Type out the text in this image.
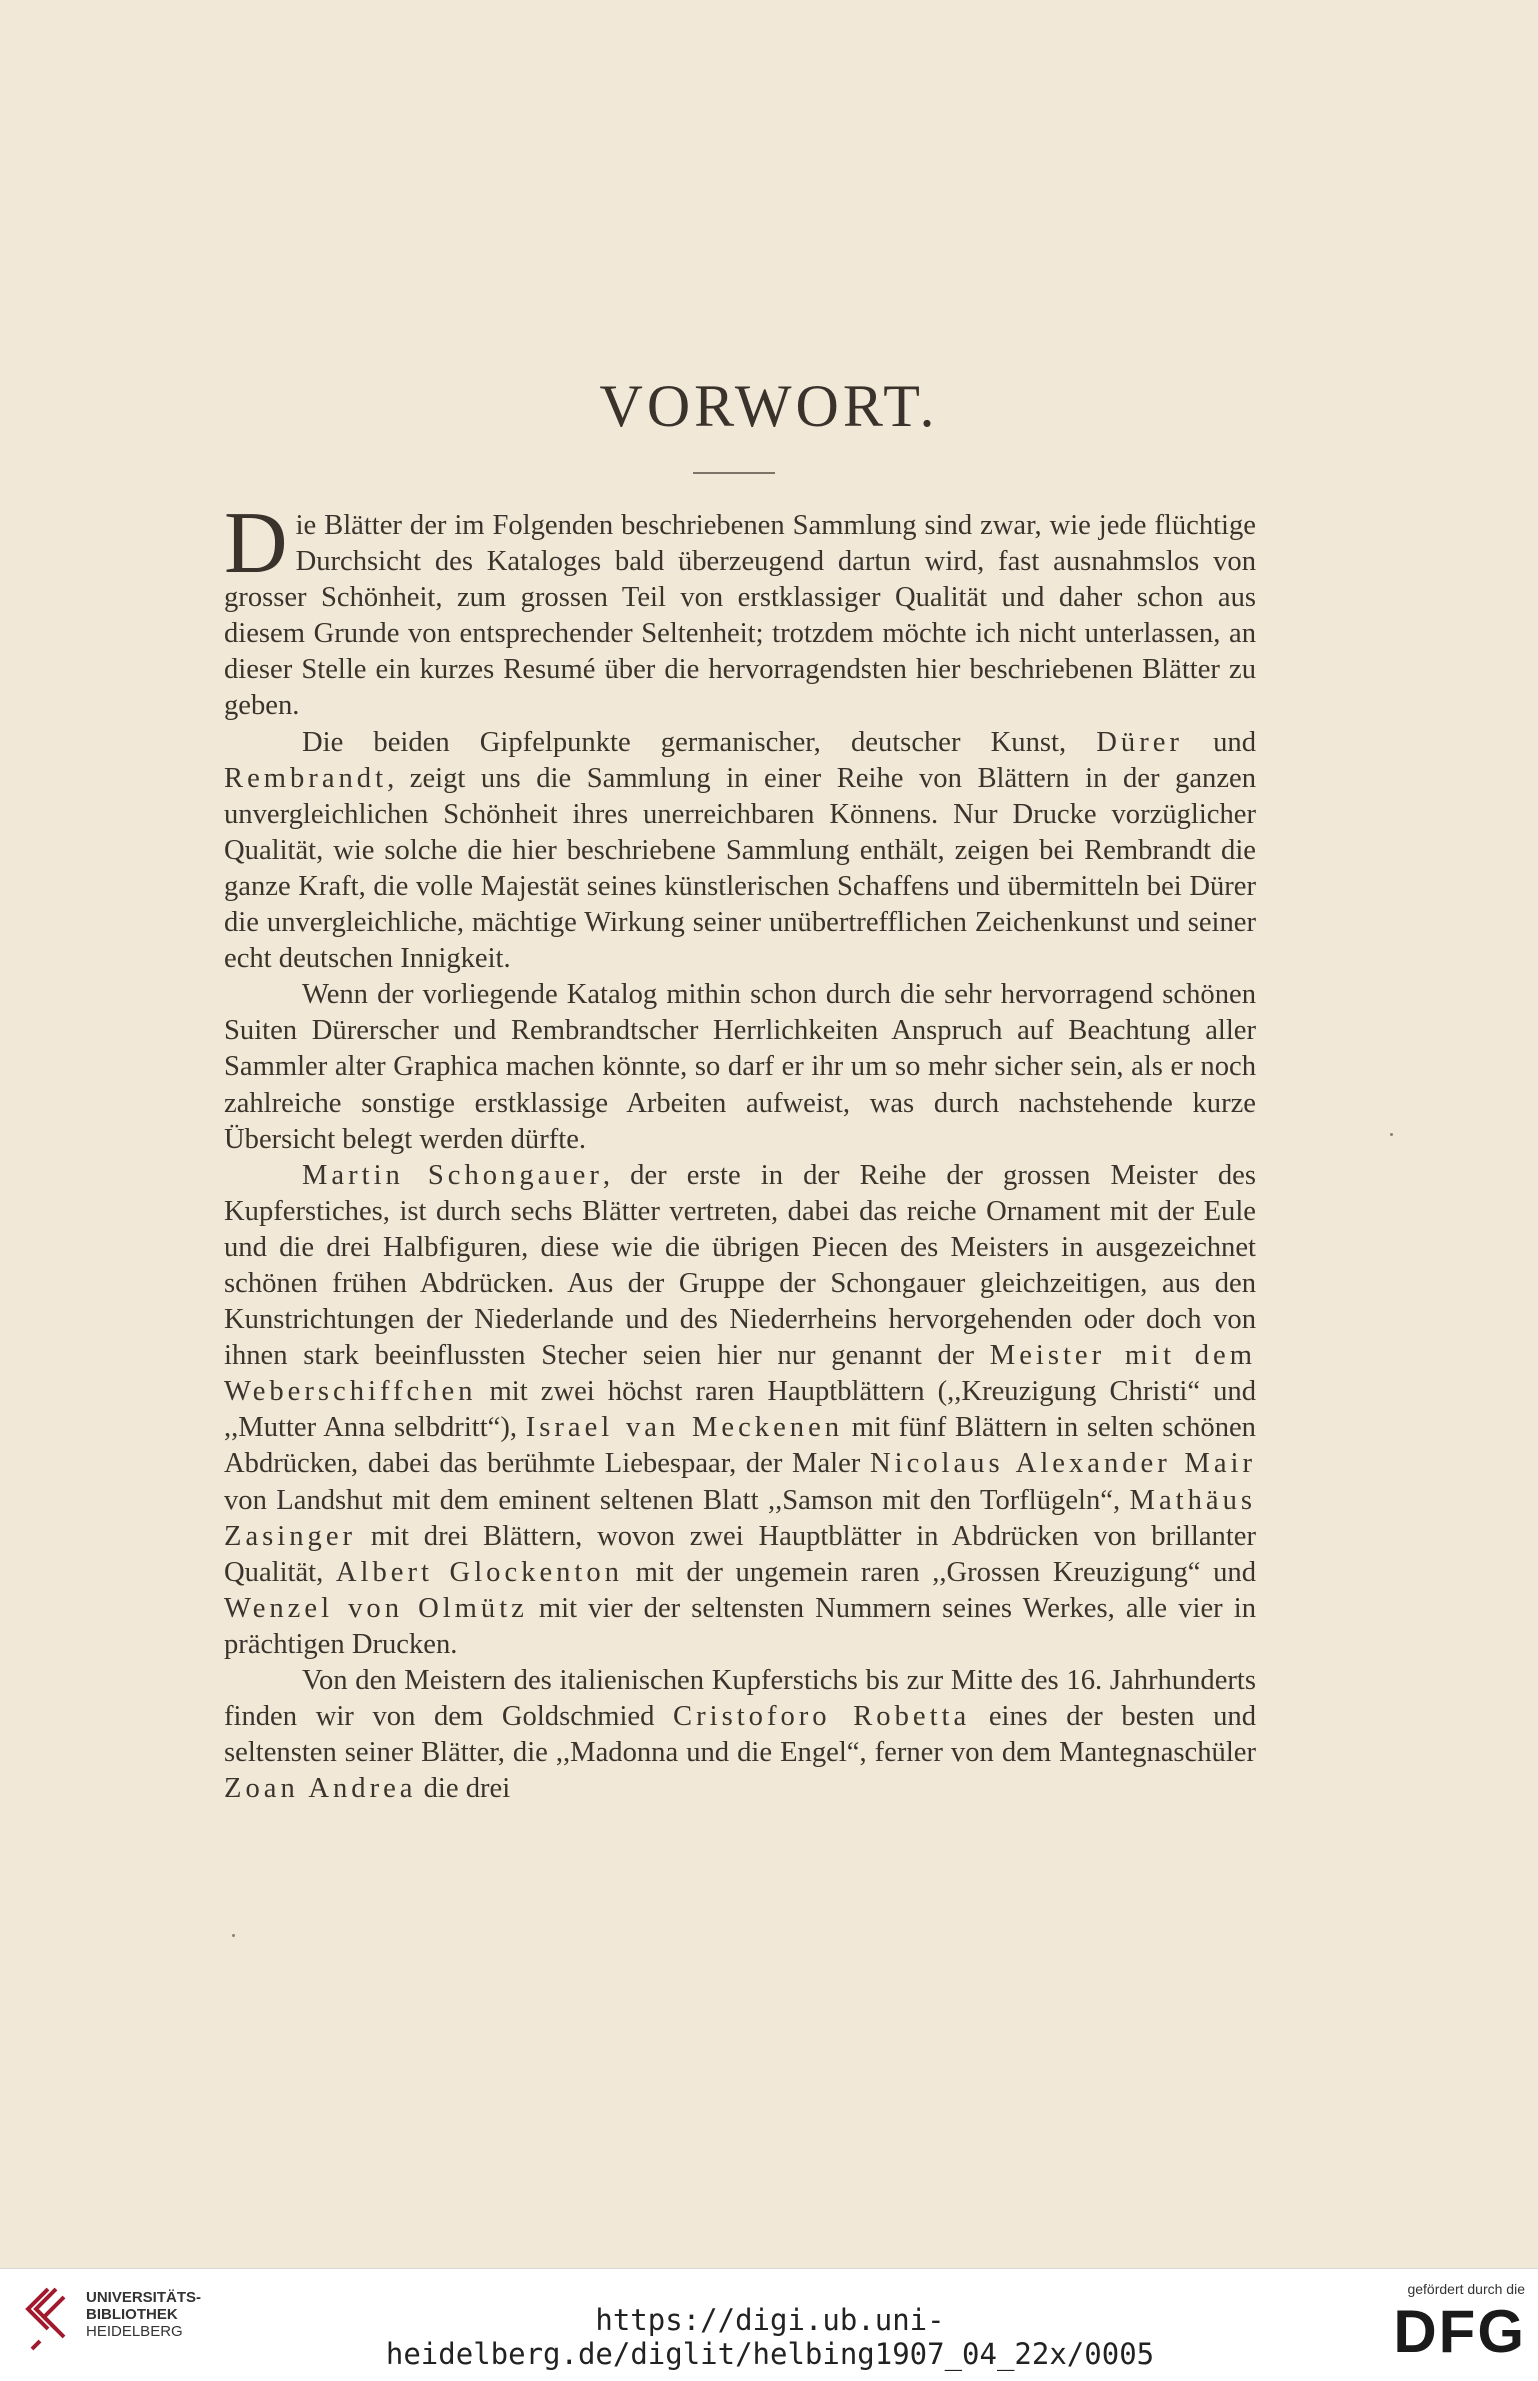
VORWORT.

Die Blätter der im Folgenden beschriebenen Sammlung sind zwar, wie jede flüchtige Durchsicht des Kataloges bald überzeugend dartun wird, fast ausnahmslos von grosser Schönheit, zum grossen Teil von erstklassiger Qualität und daher schon aus diesem Grunde von entsprechender Seltenheit; trotzdem möchte ich nicht unterlassen, an dieser Stelle ein kurzes Resumé über die hervorragendsten hier beschriebenen Blätter zu geben.

Die beiden Gipfelpunkte germanischer, deutscher Kunst, Dürer und Rembrandt, zeigt uns die Sammlung in einer Reihe von Blättern in der ganzen unvergleichlichen Schönheit ihres unerreichbaren Könnens. Nur Drucke vorzüglicher Qualität, wie solche die hier beschriebene Sammlung enthält, zeigen bei Rembrandt die ganze Kraft, die volle Majestät seines künstlerischen Schaffens und übermitteln bei Dürer die unvergleichliche, mächtige Wirkung seiner unübertrefflichen Zeichenkunst und seiner echt deutschen Innigkeit.

Wenn der vorliegende Katalog mithin schon durch die sehr hervorragend schönen Suiten Dürerscher und Rembrandtscher Herrlichkeiten Anspruch auf Beachtung aller Sammler alter Graphica machen könnte, so darf er ihr um so mehr sicher sein, als er noch zahlreiche sonstige erstklassige Arbeiten aufweist, was durch nachstehende kurze Übersicht belegt werden dürfte.

Martin Schongauer, der erste in der Reihe der grossen Meister des Kupferstiches, ist durch sechs Blätter vertreten, dabei das reiche Ornament mit der Eule und die drei Halbfiguren, diese wie die übrigen Piecen des Meisters in ausgezeichnet schönen frühen Abdrücken. Aus der Gruppe der Schongauer gleichzeitigen, aus den Kunstrichtungen der Niederlande und des Niederrheins hervorgehenden oder doch von ihnen stark beeinflussten Stecher seien hier nur genannt der Meister mit dem Weberschiffchen mit zwei höchst raren Hauptblättern (,,Kreuzigung Christi“ und ,,Mutter Anna selbdritt“), Israel van Meckenen mit fünf Blättern in selten schönen Abdrücken, dabei das berühmte Liebespaar, der Maler Nicolaus Alexander Mair von Landshut mit dem eminent seltenen Blatt ,,Samson mit den Torflügeln“, Mathäus Zasinger mit drei Blättern, wovon zwei Hauptblätter in Abdrücken von brillanter Qualität, Albert Glockenton mit der ungemein raren ,,Grossen Kreuzigung“ und Wenzel von Olmütz mit vier der seltensten Nummern seines Werkes, alle vier in prächtigen Drucken.

Von den Meistern des italienischen Kupferstichs bis zur Mitte des 16. Jahrhunderts finden wir von dem Goldschmied Cristoforo Robetta eines der besten und seltensten seiner Blätter, die ,,Madonna und die Engel“, ferner von dem Mantegnaschüler Zoan Andrea die drei

UNIVERSITÄTS-
BIBLIOTHEK
HEIDELBERG	https://digi.ub.uni-heidelberg.de/diglit/helbing1907_04_22x/0005
gefördert durch die
DFG
